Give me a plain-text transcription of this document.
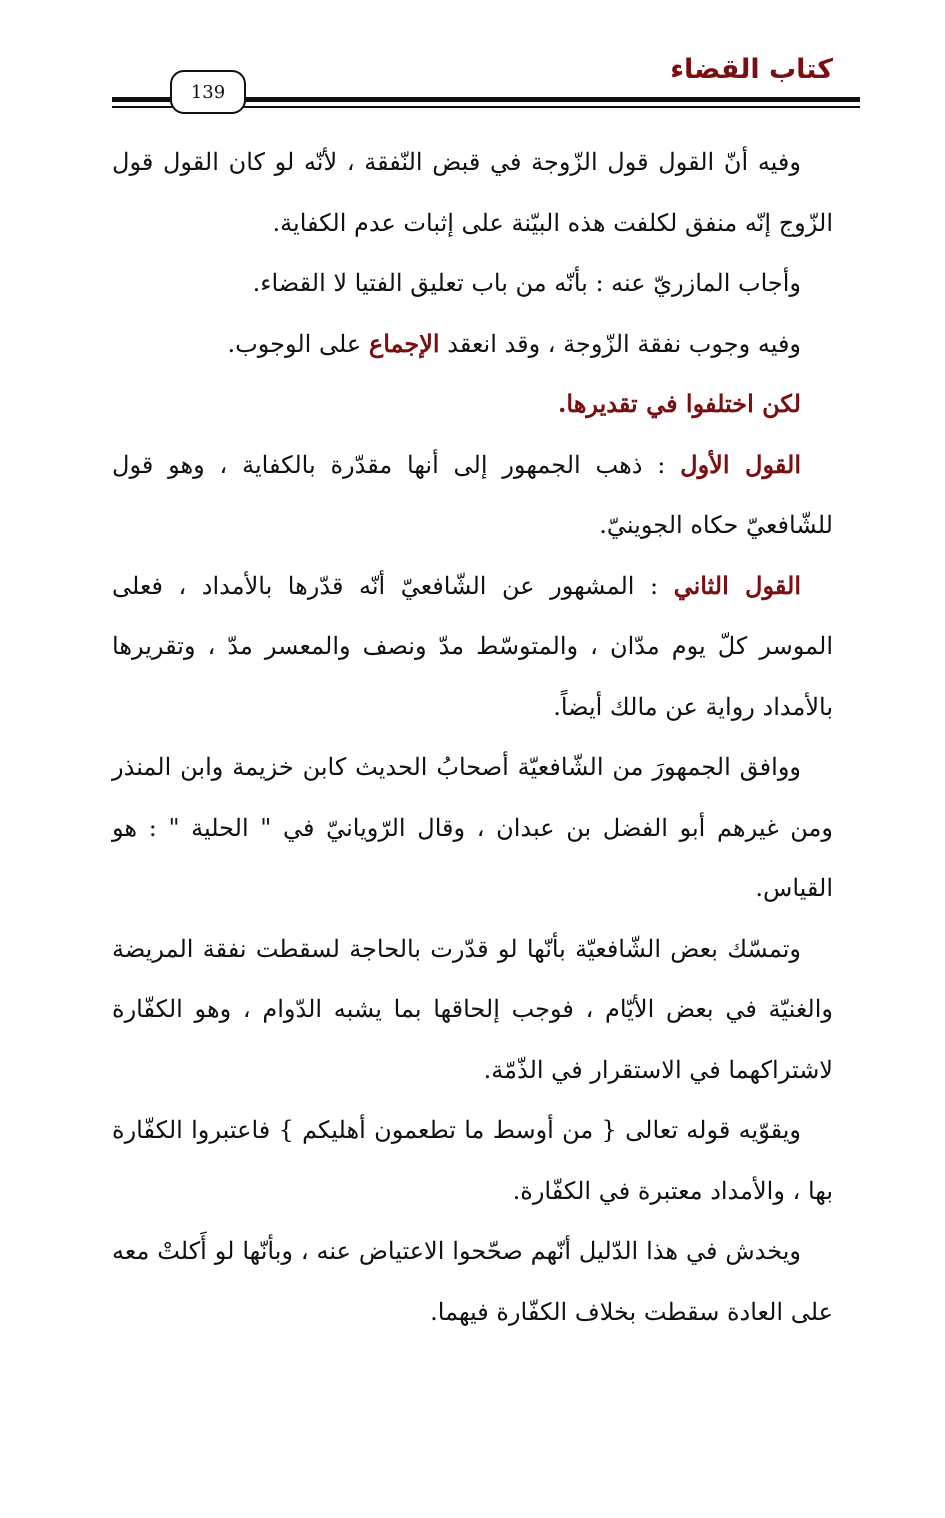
كتاب القضاء
139

وفيه أنّ القول قول الزّوجة في قبض النّفقة ، لأنّه لو كان القول قول الزّوج إنّه منفق لكلفت هذه البيّنة على إثبات عدم الكفاية.

وأجاب المازريّ عنه : بأنّه من باب تعليق الفتيا لا القضاء.

وفيه وجوب نفقة الزّوجة ، وقد انعقد الإجماع على الوجوب.

لكن اختلفوا في تقديرها.

القول الأول : ذهب الجمهور إلى أنها مقدّرة بالكفاية ، وهو قول للشّافعيّ حكاه الجوينيّ.

القول الثاني : المشهور عن الشّافعيّ أنّه قدّرها بالأمداد ، فعلى الموسر كلّ يوم مدّان ، والمتوسّط مدّ ونصف والمعسر مدّ ، وتقريرها بالأمداد رواية عن مالك أيضاً.

ووافق الجمهورَ من الشّافعيّة أصحابُ الحديث كابن خزيمة وابن المنذر ومن غيرهم أبو الفضل بن عبدان ، وقال الرّويانيّ في " الحلية " : هو القياس.

وتمسّك بعض الشّافعيّة بأنّها لو قدّرت بالحاجة لسقطت نفقة المريضة والغنيّة في بعض الأيّام ، فوجب إلحاقها بما يشبه الدّوام ، وهو الكفّارة لاشتراكهما في الاستقرار في الذّمّة.

ويقوّيه قوله تعالى { من أوسط ما تطعمون أهليكم } فاعتبروا الكفّارة بها ، والأمداد معتبرة في الكفّارة.

ويخدش في هذا الدّليل أنّهم صحّحوا الاعتياض عنه ، وبأنّها لو أَكلتْ معه على العادة سقطت بخلاف الكفّارة فيهما.
